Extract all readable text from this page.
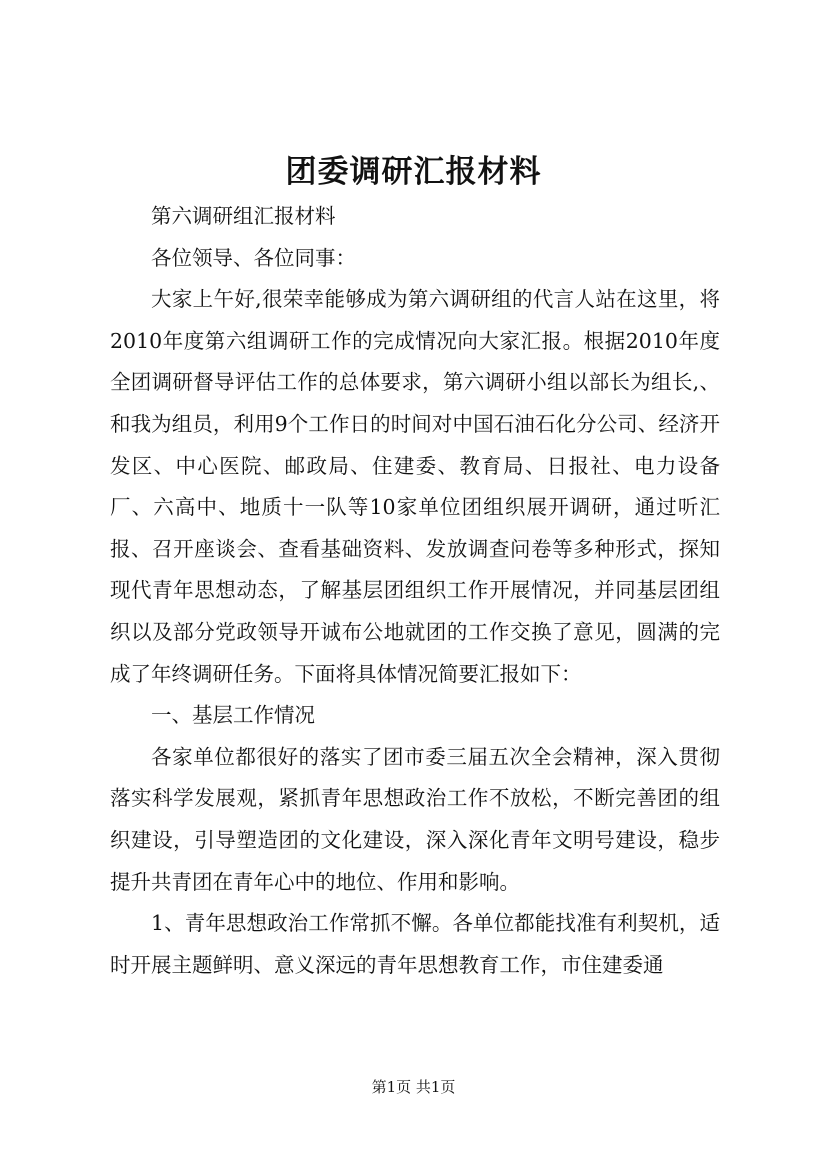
团委调研汇报材料

第六调研组汇报材料

各位领导、各位同事：

大家上午好,很荣幸能够成为第六调研组的代言人站在这里，将2010年度第六组调研工作的完成情况向大家汇报。根据2010年度全团调研督导评估工作的总体要求，第六调研小组以部长为组长,、和我为组员，利用9个工作日的时间对中国石油石化分公司、经济开发区、中心医院、邮政局、住建委、教育局、日报社、电力设备厂、六高中、地质十一队等10家单位团组织展开调研，通过听汇报、召开座谈会、查看基础资料、发放调查问卷等多种形式，探知现代青年思想动态，了解基层团组织工作开展情况，并同基层团组织以及部分党政领导开诚布公地就团的工作交换了意见，圆满的完成了年终调研任务。下面将具体情况简要汇报如下：

一、基层工作情况

各家单位都很好的落实了团市委三届五次全会精神，深入贯彻落实科学发展观，紧抓青年思想政治工作不放松，不断完善团的组织建设，引导塑造团的文化建设，深入深化青年文明号建设，稳步提升共青团在青年心中的地位、作用和影响。

1、青年思想政治工作常抓不懈。各单位都能找准有利契机，适时开展主题鲜明、意义深远的青年思想教育工作，市住建委通

第1页 共1页
